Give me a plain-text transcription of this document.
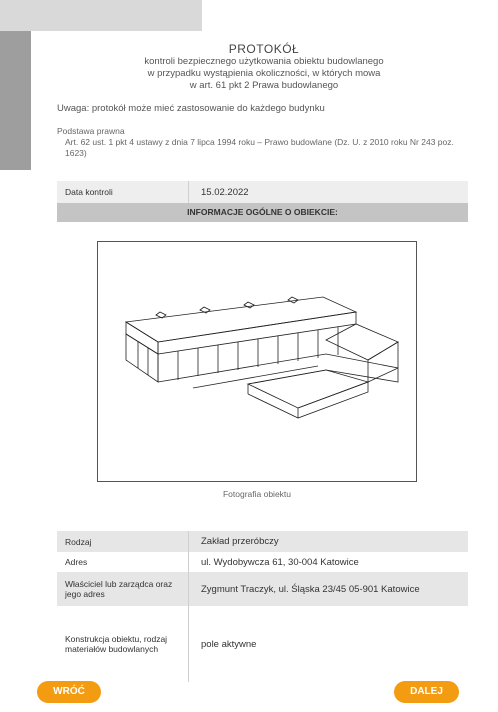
PROTOKÓŁ
kontroli bezpiecznego użytkowania obiektu budowlanego
w przypadku wystąpienia okoliczności, w których mowa
w art. 61 pkt 2 Prawa budowlanego
Uwaga: protokół może mieć zastosowanie do każdego budynku
Podstawa prawna
Art. 62 ust. 1 pkt 4 ustawy z dnia 7 lipca 1994 roku – Prawo budowlane (Dz. U. z 2010 roku Nr 243 poz. 1623)
Data kontroli	15.02.2022
INFORMACJE OGÓLNE O OBIEKCIE:
Fotografia obiektu
Rodzaj	Zakład przeróbczy
Adres	ul. Wydobywcza 61, 30-004 Katowice
Właściciel lub zarządca oraz jego adres	Zygmunt Traczyk, ul. Śląska 23/45 05-901 Katowice
Konstrukcja obiektu, rodzaj materiałów budowlanych	pole aktywne
WRÓĆ	DALEJ
